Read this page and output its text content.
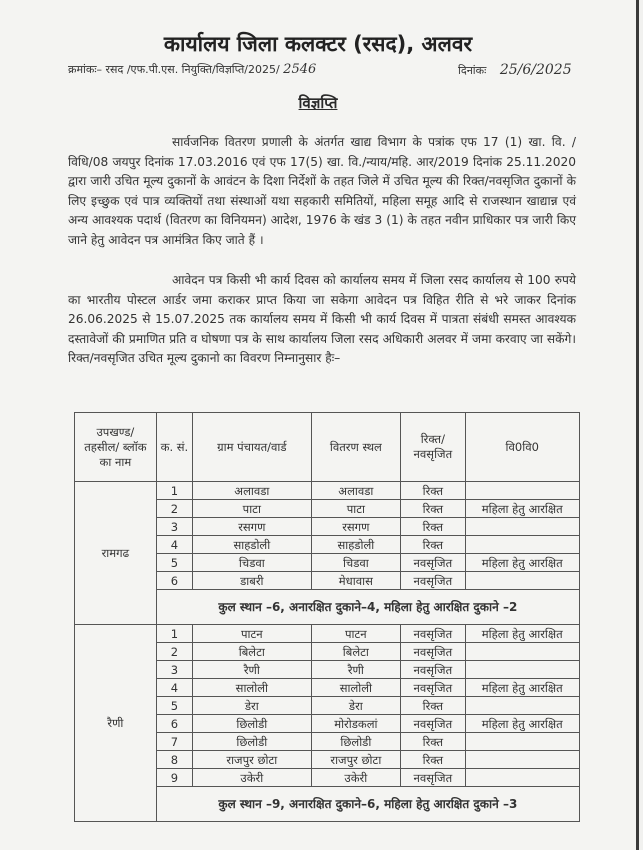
कार्यालय जिला कलक्टर (रसद), अलवर
क्रमांकः– रसद /एफ.पी.एस. नियुक्ति/विज्ञप्ति/2025/ 2546	दिनांकः 25/6/2025
विज्ञप्ति
सार्वजनिक वितरण प्रणाली के अंतर्गत खाद्य विभाग के पत्रांक एफ 17 (1) खा. वि. /विधि/08 जयपुर दिनांक 17.03.2016 एवं एफ 17(5) खा. वि./न्याय/महि. आर/2019 दिनांक 25.11.2020 द्वारा जारी उचित मूल्य दुकानों के आवंटन के दिशा निर्देशों के तहत जिले में उचित मूल्य की रिक्त/नवसृजित दुकानों के लिए इच्छुक एवं पात्र व्यक्तियों तथा संस्थाओं यथा सहकारी समितियों, महिला समूह आदि से राजस्थान खाद्यान्न एवं अन्य आवश्यक पदार्थ (वितरण का विनियमन) आदेश, 1976 के खंड 3 (1) के तहत नवीन प्राधिकार पत्र जारी किए जाने हेतु आवेदन पत्र आमंत्रित किए जाते हैं ।
आवेदन पत्र किसी भी कार्य दिवस को कार्यालय समय में जिला रसद कार्यालय से 100 रुपये का भारतीय पोस्टल आर्डर जमा कराकर प्राप्त किया जा सकेगा आवेदन पत्र विहित रीति से भरे जाकर दिनांक 26.06.2025 से 15.07.2025 तक कार्यालय समय में किसी भी कार्य दिवस में पात्रता संबंधी समस्त आवश्यक दस्तावेजों की प्रमाणित प्रति व घोषणा पत्र के साथ कार्यालय जिला रसद अधिकारी अलवर में जमा करवाए जा सकेंगे। रिक्त/नवसृजित उचित मूल्य दुकानो का विवरण निम्नानुसार हैः–
उपखण्ड/ तहसील/ ब्लॉक का नाम	क. सं.	ग्राम पंचायत/वार्ड	वितरण स्थल	रिक्त/ नवसृजित	वि0वि0
रामगढ	1	अलावडा	अलावडा	रिक्त	
	2	पाटा	पाटा	रिक्त	महिला हेतु आरक्षित
	3	रसगण	रसगण	रिक्त	
	4	साहडोली	साहडोली	रिक्त	
	5	चिडवा	चिडवा	नवसृजित	महिला हेतु आरक्षित
	6	डाबरी	मेधावास	नवसृजित	
	कुल स्थान –6, अनारक्षित दुकाने–4, महिला हेतु आरक्षित दुकाने –2				
रैणी	1	पाटन	पाटन	नवसृजित	महिला हेतु आरक्षित
	2	बिलेटा	बिलेटा	नवसृजित	
	3	रैणी	रैणी	नवसृजित	
	4	सालोली	सालोली	नवसृजित	महिला हेतु आरक्षित
	5	डेरा	डेरा	रिक्त	
	6	छिलोडी	मोरोडकलां	नवसृजित	महिला हेतु आरक्षित
	7	छिलोडी	छिलोडी	रिक्त	
	8	राजपुर छोटा	राजपुर छोटा	रिक्त	
	9	उकेरी	उकेरी	नवसृजित	
	कुल स्थान –9, अनारक्षित दुकाने–6, महिला हेतु आरक्षित दुकाने –3				
